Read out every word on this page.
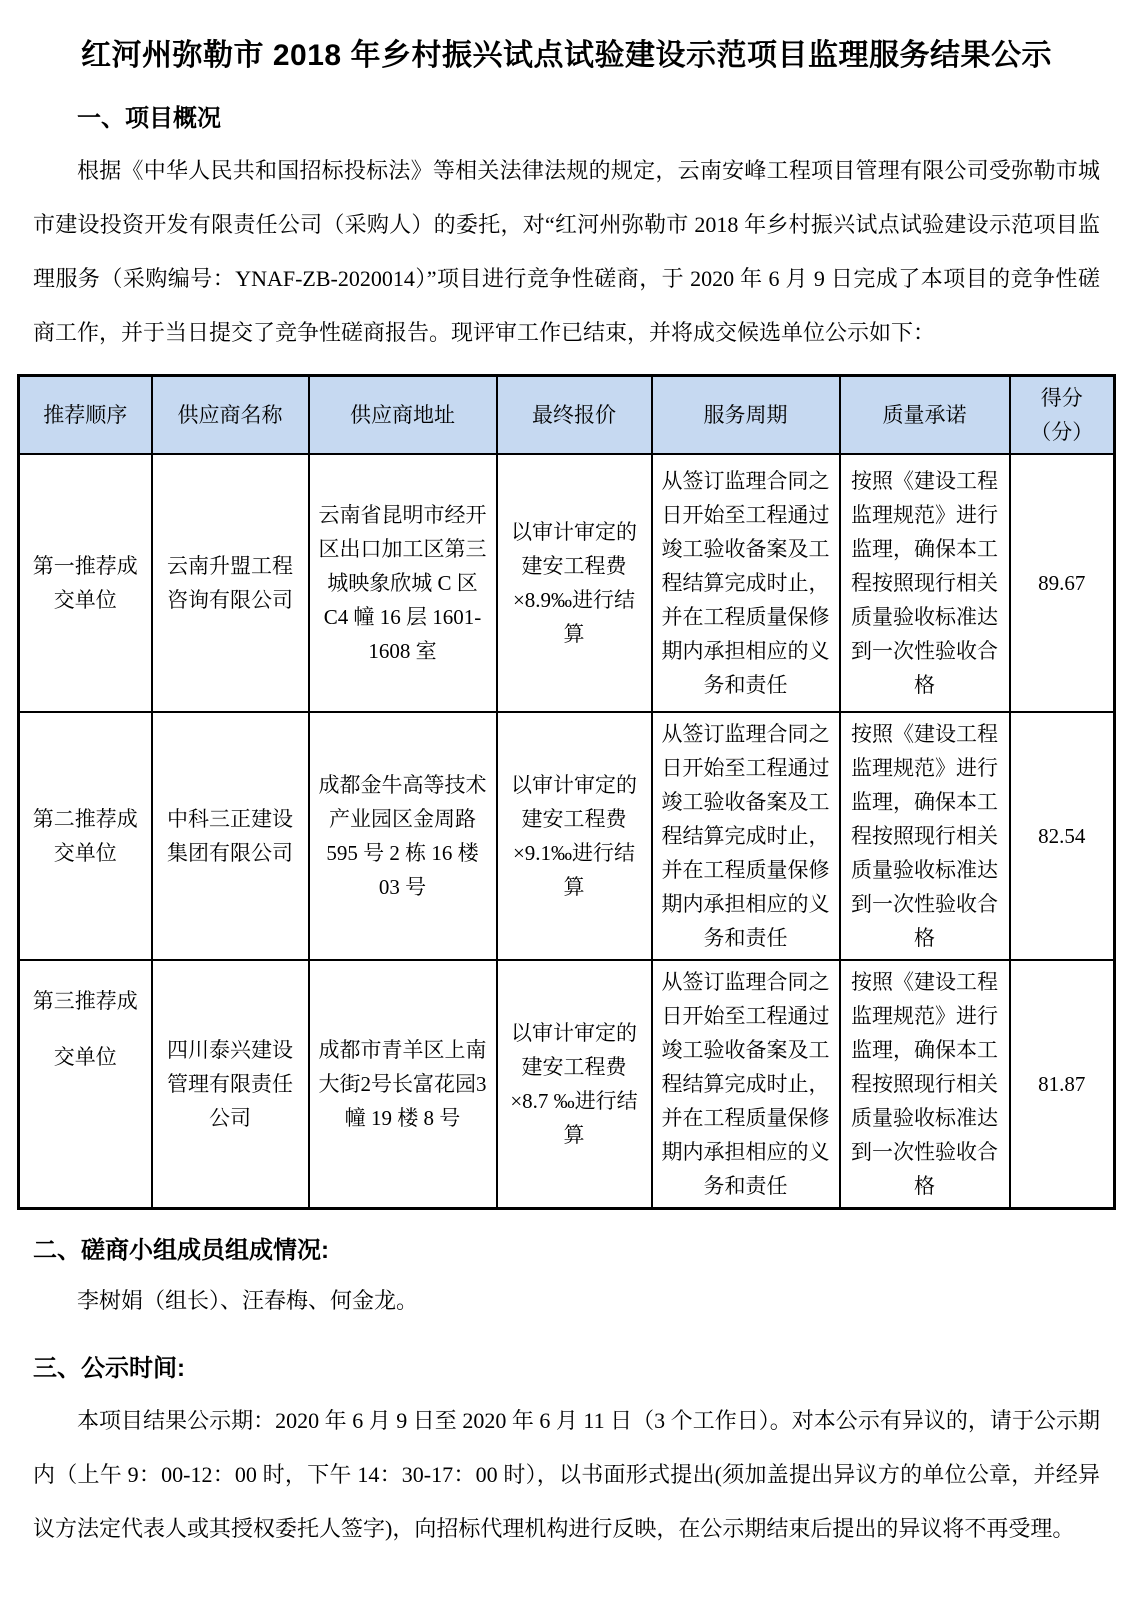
红河州弥勒市 2018 年乡村振兴试点试验建设示范项目监理服务结果公示
一、项目概况

根据《中华人民共和国招标投标法》等相关法律法规的规定，云南安峰工程项目管理有限公司受弥勒市城市建设投资开发有限责任公司（采购人）的委托，对“红河州弥勒市 2018 年乡村振兴试点试验建设示范项目监理服务（采购编号：YNAF-ZB-2020014）”项目进行竞争性磋商，于 2020 年 6 月 9 日完成了本项目的竞争性磋商工作，并于当日提交了竞争性磋商报告。现评审工作已结束，并将成交候选单位公示如下：

推荐顺序	供应商名称	供应商地址	最终报价	服务周期	质量承诺	得分（分）
第一推荐成交单位	云南升盟工程咨询有限公司	云南省昆明市经开区出口加工区第三城映象欣城 C 区 C4 幢 16 层 1601-1608 室	以审计审定的建安工程费×8.9‰进行结算	从签订监理合同之日开始至工程通过竣工验收备案及工程结算完成时止，并在工程质量保修期内承担相应的义务和责任	按照《建设工程监理规范》进行监理，确保本工程按照现行相关质量验收标准达到一次性验收合格	89.67
第二推荐成交单位	中科三正建设集团有限公司	成都金牛高等技术产业园区金周路 595 号 2 栋 16 楼 03 号	以审计审定的建安工程费×9.1‰进行结算	从签订监理合同之日开始至工程通过竣工验收备案及工程结算完成时止，并在工程质量保修期内承担相应的义务和责任	按照《建设工程监理规范》进行监理，确保本工程按照现行相关质量验收标准达到一次性验收合格	82.54
第三推荐成交单位	四川泰兴建设管理有限责任公司	成都市青羊区上南大街2号长富花园3幢 19 楼 8 号	以审计审定的建安工程费×8.7 ‰进行结算	从签订监理合同之日开始至工程通过竣工验收备案及工程结算完成时止，并在工程质量保修期内承担相应的义务和责任	按照《建设工程监理规范》进行监理，确保本工程按照现行相关质量验收标准达到一次性验收合格	81.87
二、磋商小组成员组成情况:

李树娟（组长）、汪春梅、何金龙。

三、公示时间:

本项目结果公示期：2020 年 6 月 9 日至 2020 年 6 月 11 日（3 个工作日）。对本公示有异议的，请于公示期内（上午 9：00-12：00 时，下午 14：30-17：00 时），以书面形式提出(须加盖提出异议方的单位公章，并经异议方法定代表人或其授权委托人签字)，向招标代理机构进行反映，在公示期结束后提出的异议将不再受理。
